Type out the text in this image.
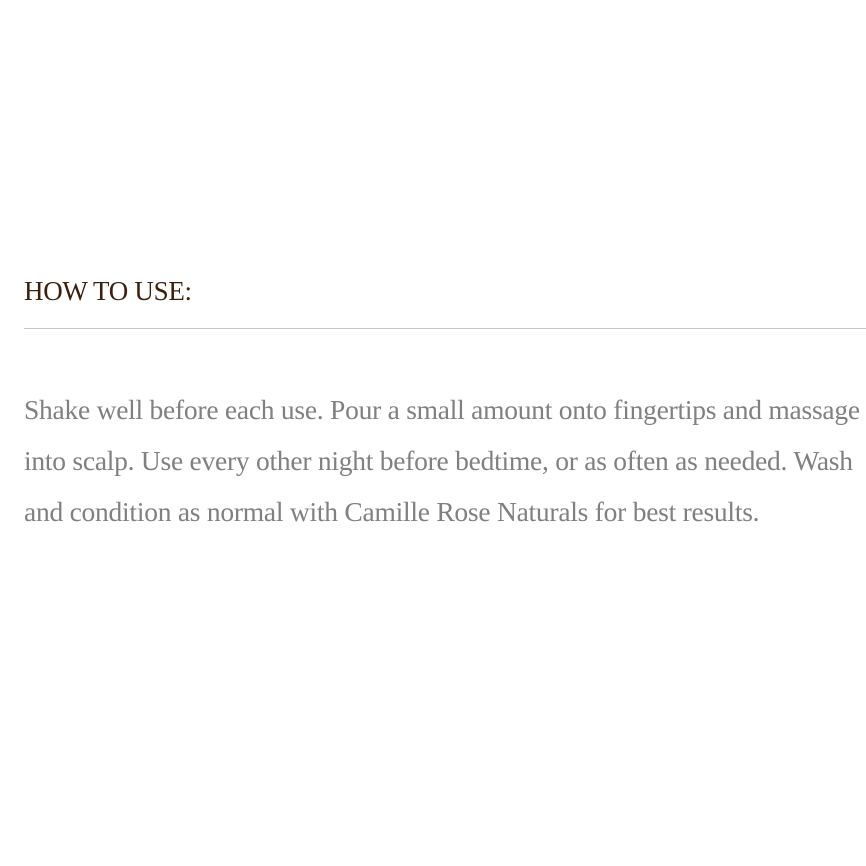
HOW TO USE:

Shake well before each use. Pour a small amount onto fingertips and massage into scalp. Use every other night before bedtime, or as often as needed. Wash and condition as normal with Camille Rose Naturals for best results.
